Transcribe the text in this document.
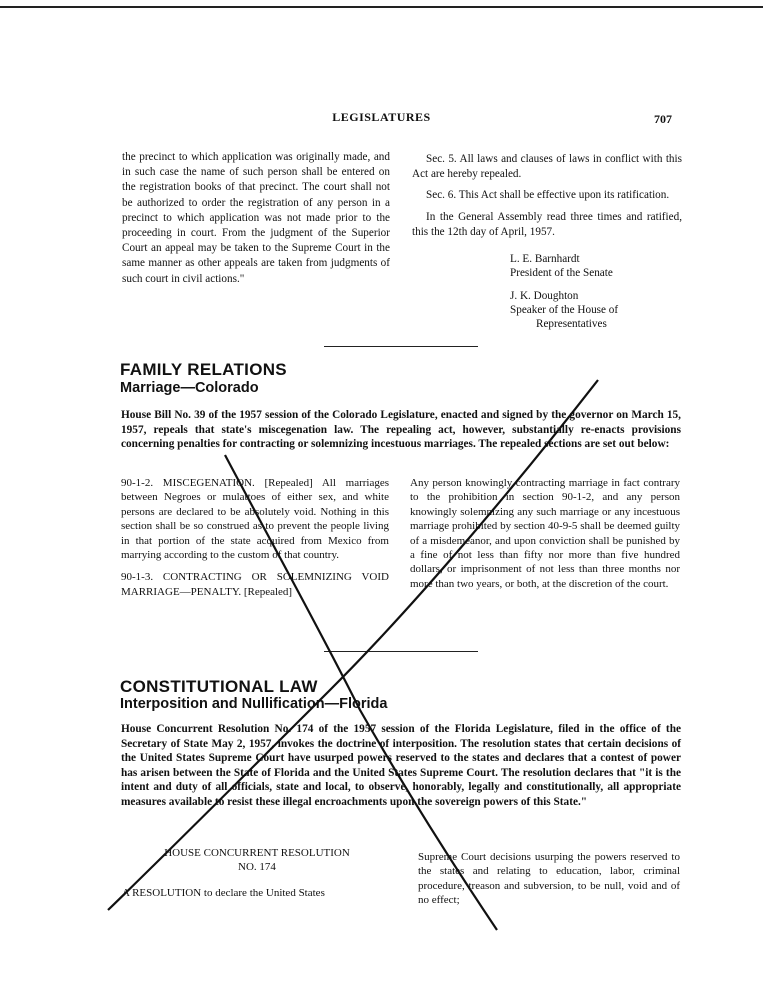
LEGISLATURES	707

the precinct to which application was originally made, and in such case the name of such person shall be entered on the registration books of that precinct. The court shall not be authorized to order the registration of any person in a precinct to which application was not made prior to the proceeding in court. From the judgment of the Superior Court an appeal may be taken to the Supreme Court in the same manner as other appeals are taken from judgments of such court in civil actions."

Sec. 5. All laws and clauses of laws in conflict with this Act are hereby repealed.

Sec. 6. This Act shall be effective upon its ratification.

In the General Assembly read three times and ratified, this the 12th day of April, 1957.

L. E. Barnhardt
President of the Senate
J. K. Doughton
Speaker of the House of
Representatives
FAMILY RELATIONS
Marriage—Colorado
House Bill No. 39 of the 1957 session of the Colorado Legislature, enacted and signed by the governor on March 15, 1957, repeals that state's miscegenation law. The repealing act, however, substantially re-enacts provisions concerning penalties for contracting or solemnizing incestuous marriages. The repealed sections are set out below:
90-1-2. MISCEGENATION. [Repealed] All marriages between Negroes or mulattoes of either sex, and white persons are declared to be absolutely void. Nothing in this section shall be so construed as to prevent the people living in that portion of the state acquired from Mexico from marrying according to the custom of that country.
90-1-3. CONTRACTING OR SOLEMNIZING VOID MARRIAGE—PENALTY. [Repealed]
Any person knowingly contracting marriage in fact contrary to the prohibition in section 90-1-2, and any person knowingly solemnizing any such marriage or any incestuous marriage prohibited by section 40-9-5 shall be deemed guilty of a misdemeanor, and upon conviction shall be punished by a fine of not less than fifty nor more than five hundred dollars, or imprisonment of not less than three months nor more than two years, or both, at the discretion of the court.
CONSTITUTIONAL LAW
Interposition and Nullification—Florida
House Concurrent Resolution No. 174 of the 1957 session of the Florida Legislature, filed in the office of the Secretary of State May 2, 1957, invokes the doctrine of interposition. The resolution states that certain decisions of the United States Supreme Court have usurped powers reserved to the states and declares that a contest of power has arisen between the State of Florida and the United States Supreme Court. The resolution declares that "it is the intent and duty of all officials, state and local, to observe, honorably, legally and constitutionally, all appropriate measures available to resist these illegal encroachments upon the sovereign powers of this State."
HOUSE CONCURRENT RESOLUTION
NO. 174
A RESOLUTION to declare the United States
Supreme Court decisions usurping the powers reserved to the states and relating to education, labor, criminal procedure, treason and subversion, to be null, void and of no effect;
